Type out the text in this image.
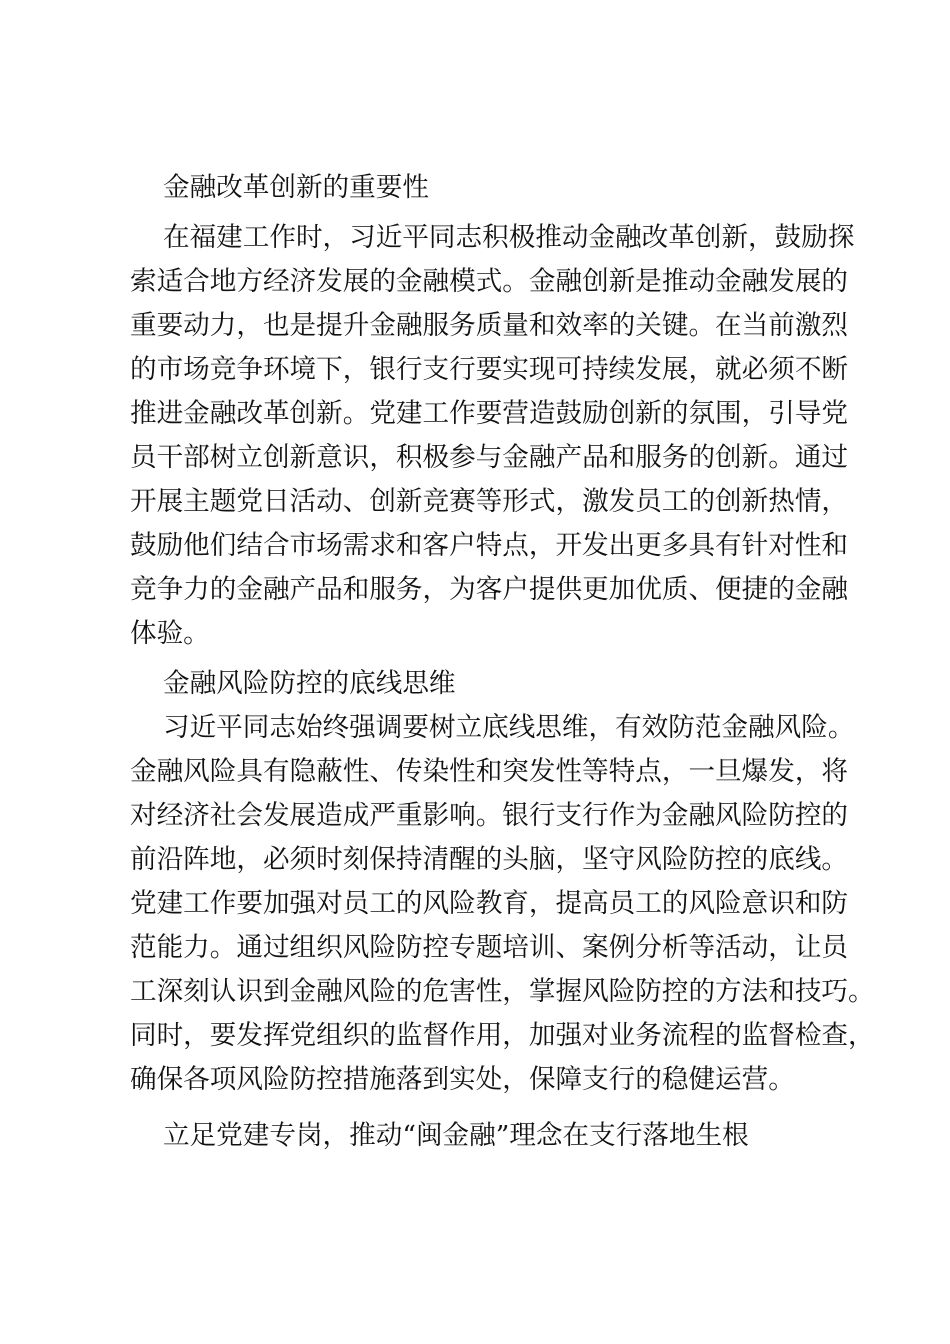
金融改革创新的重要性
在福建工作时，习近平同志积极推动金融改革创新，鼓励探
索适合地方经济发展的金融模式。金融创新是推动金融发展的
重要动力，也是提升金融服务质量和效率的关键。在当前激烈
的市场竞争环境下，银行支行要实现可持续发展，就必须不断
推进金融改革创新。党建工作要营造鼓励创新的氛围，引导党
员干部树立创新意识，积极参与金融产品和服务的创新。通过
开展主题党日活动、创新竞赛等形式，激发员工的创新热情，
鼓励他们结合市场需求和客户特点，开发出更多具有针对性和
竞争力的金融产品和服务，为客户提供更加优质、便捷的金融
体验。
金融风险防控的底线思维
习近平同志始终强调要树立底线思维，有效防范金融风险。
金融风险具有隐蔽性、传染性和突发性等特点，一旦爆发，将
对经济社会发展造成严重影响。银行支行作为金融风险防控的
前沿阵地，必须时刻保持清醒的头脑，坚守风险防控的底线。
党建工作要加强对员工的风险教育，提高员工的风险意识和防
范能力。通过组织风险防控专题培训、案例分析等活动，让员
工深刻认识到金融风险的危害性，掌握风险防控的方法和技巧。
同时，要发挥党组织的监督作用，加强对业务流程的监督检查，
确保各项风险防控措施落到实处，保障支行的稳健运营。
立足党建专岗，推动“闽金融”理念在支行落地生根
